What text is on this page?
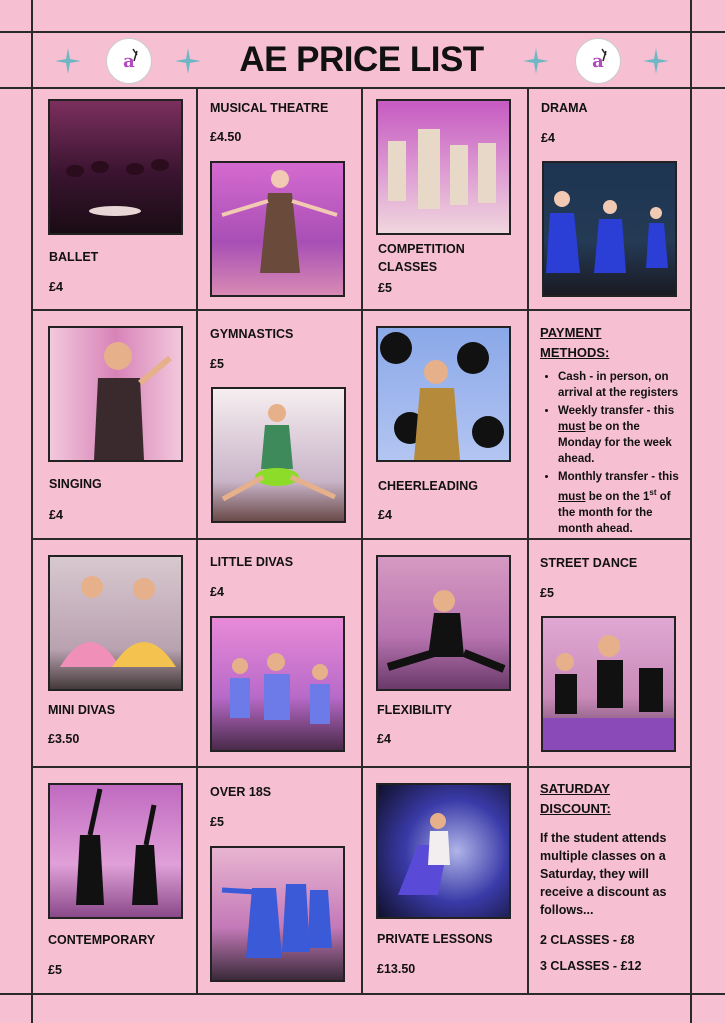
a	AE PRICE LIST	a
BALLET
£4
MUSICAL THEATRE
£4.50
COMPETITION CLASSES
£5
DRAMA
£4
SINGING
£4
GYMNASTICS
£5
CHEERLEADING
£4
PAYMENT
METHODS:
• Cash - in person, on arrival at the registers
• Weekly transfer - this must be on the Monday for the week ahead.
• Monthly transfer - this must be on the 1st of the month for the month ahead.
MINI DIVAS
£3.50
LITTLE DIVAS
£4
FLEXIBILITY
£4
STREET DANCE
£5
CONTEMPORARY
£5
OVER 18S
£5
PRIVATE LESSONS
£13.50
SATURDAY
DISCOUNT:
If the student attends multiple classes on a Saturday, they will receive a discount as follows...
2 CLASSES - £8
3 CLASSES - £12
